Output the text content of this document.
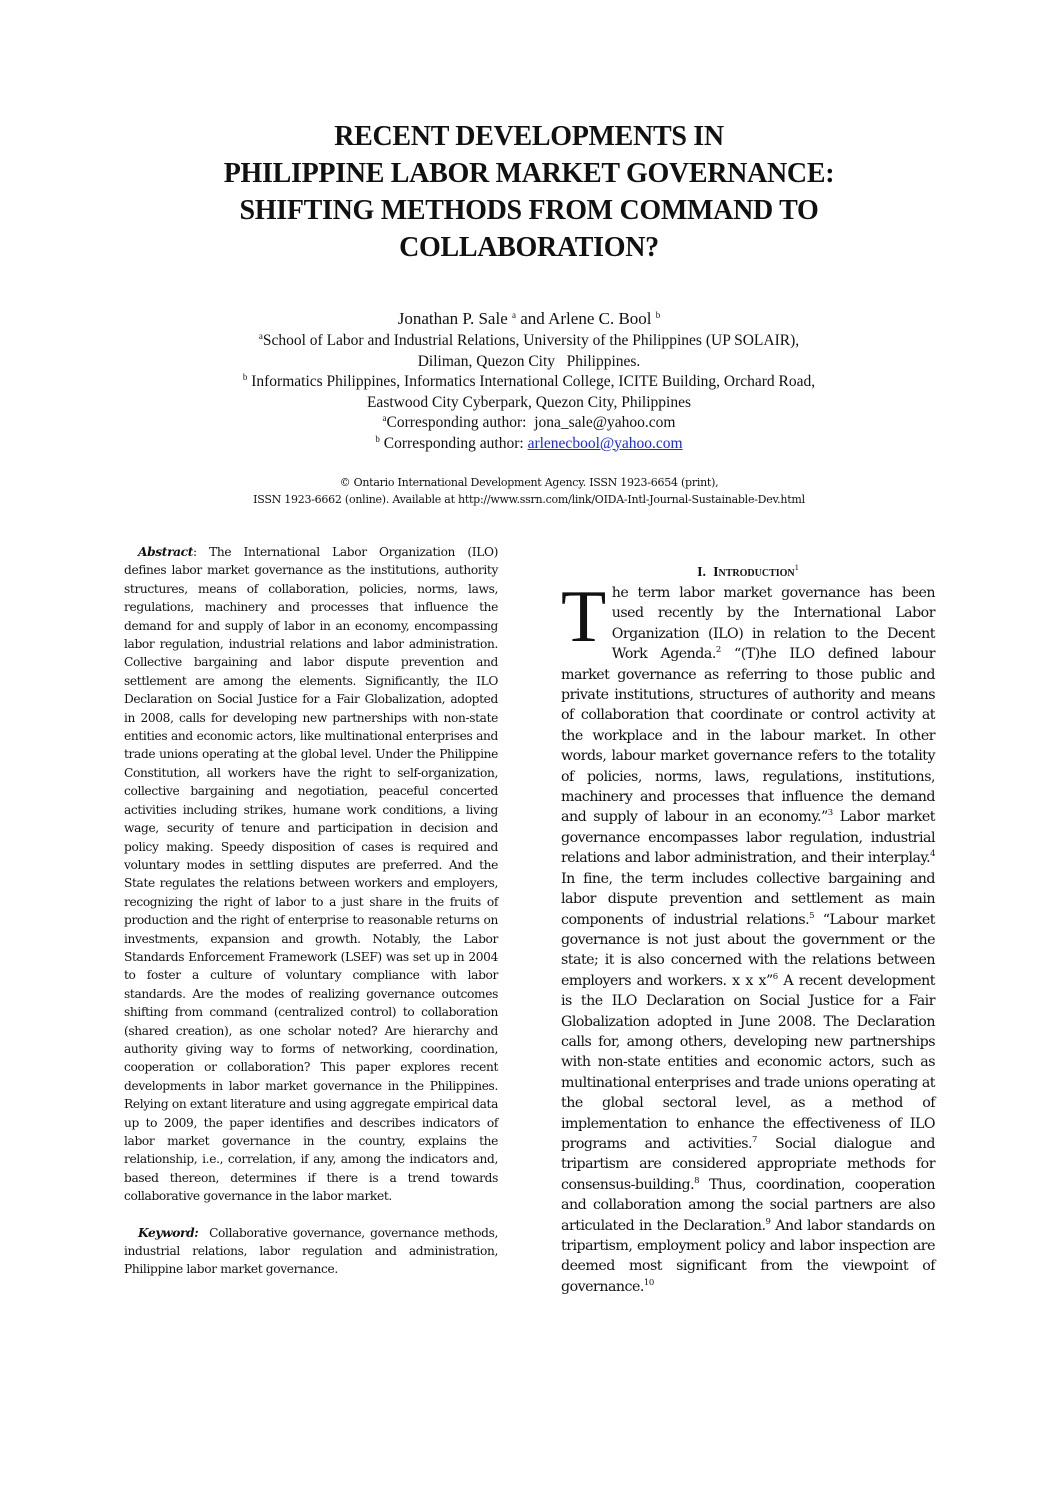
RECENT DEVELOPMENTS IN
PHILIPPINE LABOR MARKET GOVERNANCE:
SHIFTING METHODS FROM COMMAND TO
COLLABORATION?
Jonathan P. Sale $^a$ and Arlene C. Bool $^b$
$^a$School of Labor and Industrial Relations, University of the Philippines (UP SOLAIR),
Diliman, Quezon City   Philippines.
$^b$ Informatics Philippines, Informatics International College, ICITE Building, Orchard Road,
Eastwood City Cyberpark, Quezon City, Philippines
$^a$Corresponding author:  jona_sale@yahoo.com
$^b$ Corresponding author: arlenecbool@yahoo.com
© Ontario International Development Agency. ISSN 1923-6654 (print),
ISSN 1923-6662 (online). Available at http://www.ssrn.com/link/OIDA-Intl-Journal-Sustainable-Dev.html

Abstract: The International Labor Organization (ILO) defines labor market governance as the institutions, authority structures, means of collaboration, policies, norms, laws, regulations, machinery and processes that influence the demand for and supply of labor in an economy, encompassing labor regulation, industrial relations and labor administration. Collective bargaining and labor dispute prevention and settlement are among the elements. Significantly, the ILO Declaration on Social Justice for a Fair Globalization, adopted in 2008, calls for developing new partnerships with non-state entities and economic actors, like multinational enterprises and trade unions operating at the global level. Under the Philippine Constitution, all workers have the right to self-organization, collective bargaining and negotiation, peaceful concerted activities including strikes, humane work conditions, a living wage, security of tenure and participation in decision and policy making. Speedy disposition of cases is required and voluntary modes in settling disputes are preferred. And the State regulates the relations between workers and employers, recognizing the right of labor to a just share in the fruits of production and the right of enterprise to reasonable returns on investments, expansion and growth. Notably, the Labor Standards Enforcement Framework (LSEF) was set up in 2004 to foster a culture of voluntary compliance with labor standards. Are the modes of realizing governance outcomes shifting from command (centralized control) to collaboration (shared creation), as one scholar noted? Are hierarchy and authority giving way to forms of networking, coordination, cooperation or collaboration? This paper explores recent developments in labor market governance in the Philippines. Relying on extant literature and using aggregate empirical data up to 2009, the paper identifies and describes indicators of labor market governance in the country, explains the relationship, i.e., correlation, if any, among the indicators and, based thereon, determines if there is a trend towards collaborative governance in the labor market.

Keyword:  Collaborative governance, governance methods, industrial relations, labor regulation and administration, Philippine labor market governance.

I. Introduction$^1$

The term labor market governance has been used recently by the International Labor Organization (ILO) in relation to the Decent Work Agenda.$^2$ “(T)he ILO defined labour market governance as referring to those public and private institutions, structures of authority and means of collaboration that coordinate or control activity at the workplace and in the labour market. In other words, labour market governance refers to the totality of policies, norms, laws, regulations, institutions, machinery and processes that influence the demand and supply of labour in an economy.”$^3$ Labor market governance encompasses labor regulation, industrial relations and labor administration, and their interplay.$^4$ In fine, the term includes collective bargaining and labor dispute prevention and settlement as main components of industrial relations.$^5$ “Labour market governance is not just about the government or the state; it is also concerned with the relations between employers and workers. x x x”$^6$ A recent development is the ILO Declaration on Social Justice for a Fair Globalization adopted in June 2008. The Declaration calls for, among others, developing new partnerships with non-state entities and economic actors, such as multinational enterprises and trade unions operating at the global sectoral level, as a method of implementation to enhance the effectiveness of ILO programs and activities.$^7$ Social dialogue and tripartism are considered appropriate methods for consensus-building.$^8$ Thus, coordination, cooperation and collaboration among the social partners are also articulated in the Declaration.$^9$ And labor standards on tripartism, employment policy and labor inspection are deemed most significant from the viewpoint of governance.$^{10}$
